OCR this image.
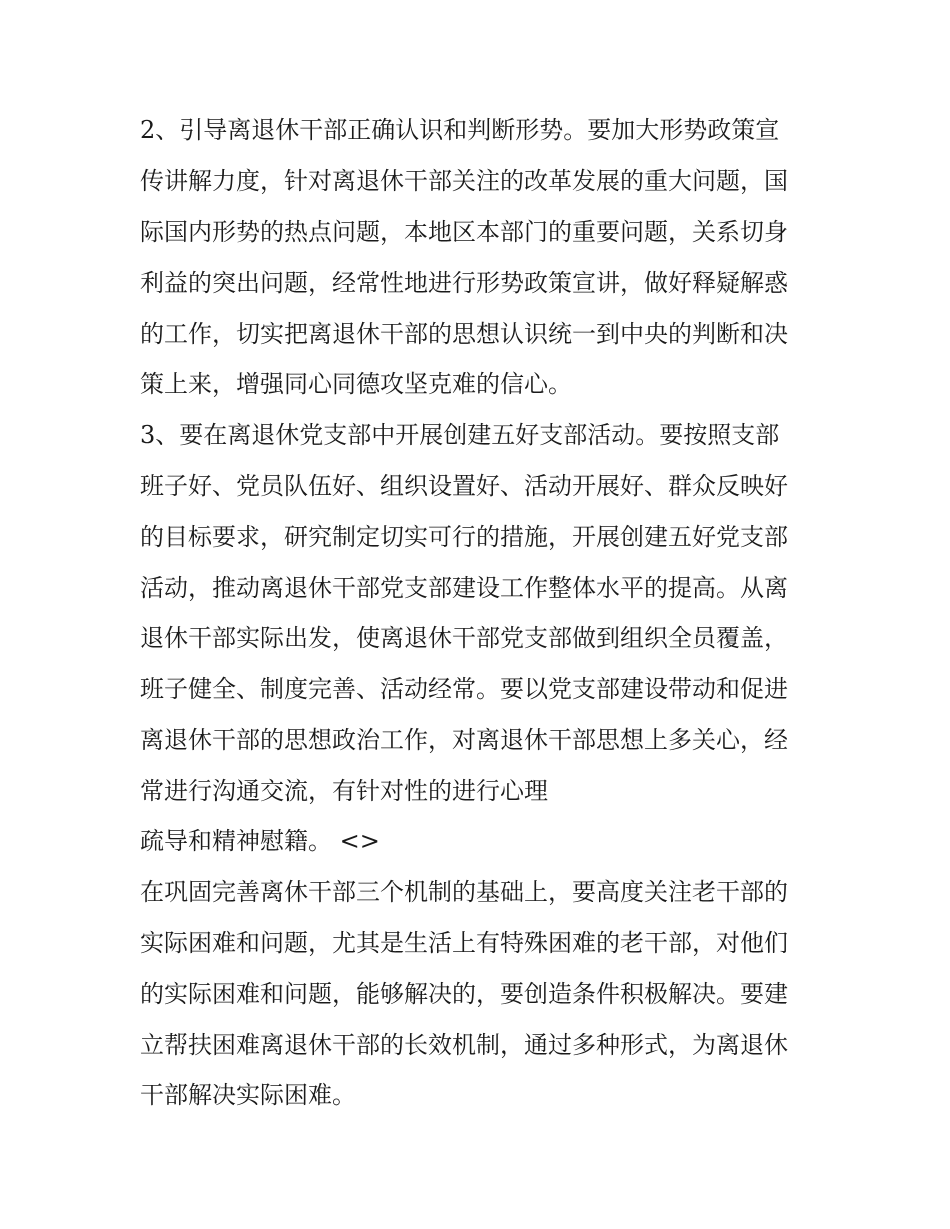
2、引导离退休干部正确认识和判断形势。要加大形势政策宣

传讲解力度，针对离退休干部关注的改革发展的重大问题，国

际国内形势的热点问题，本地区本部门的重要问题，关系切身

利益的突出问题，经常性地进行形势政策宣讲，做好释疑解惑

的工作，切实把离退休干部的思想认识统一到中央的判断和决

策上来，增强同心同德攻坚克难的信心。

3、要在离退休党支部中开展创建五好支部活动。要按照支部

班子好、党员队伍好、组织设置好、活动开展好、群众反映好

的目标要求，研究制定切实可行的措施，开展创建五好党支部

活动，推动离退休干部党支部建设工作整体水平的提高。从离

退休干部实际出发，使离退休干部党支部做到组织全员覆盖，

班子健全、制度完善、活动经常。要以党支部建设带动和促进

离退休干部的思想政治工作，对离退休干部思想上多关心，经

常进行沟通交流，有针对性的进行心理

疏导和精神慰籍。 <>

在巩固完善离休干部三个机制的基础上，要高度关注老干部的

实际困难和问题，尤其是生活上有特殊困难的老干部，对他们

的实际困难和问题，能够解决的，要创造条件积极解决。要建

立帮扶困难离退休干部的长效机制，通过多种形式，为离退休

干部解决实际困难。
